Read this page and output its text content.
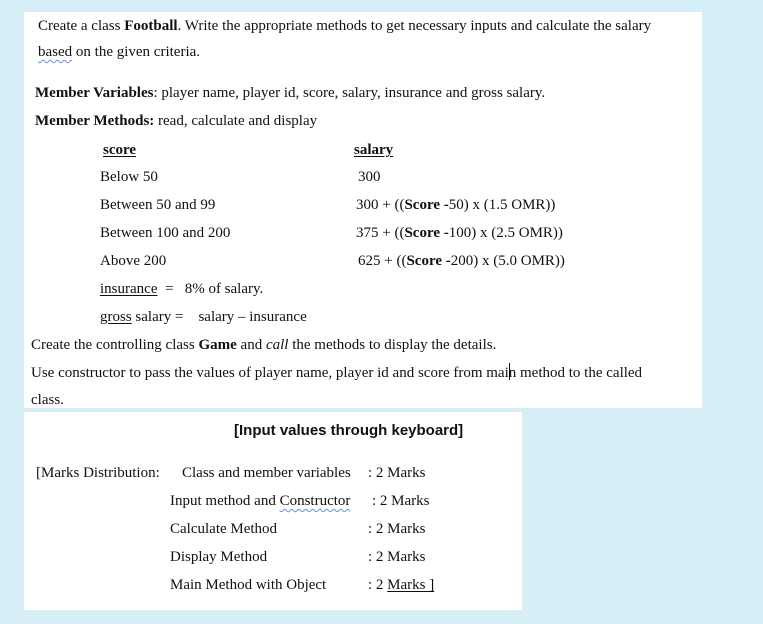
Create a class Football. Write the appropriate methods to get necessary inputs and calculate the salary
based on the given criteria.
Member Variables: player name, player id, score, salary, insurance and gross salary.
Member Methods: read, calculate and display
score	salary
Below 50	300
Between 50 and 99	300 + ((Score -50) x (1.5 OMR))
Between 100 and 200	375 + ((Score -100) x (2.5 OMR))
Above 200	625 + ((Score -200) x (5.0 OMR))
insurance  =   8% of salary.
gross salary =    salary – insurance
Create the controlling class Game and call the methods to display the details.
Use constructor to pass the values of player name, player id and score from main method to the called
class.
[Input values through keyboard]
[Marks Distribution: Class and member variables : 2 Marks
Input method and Constructor : 2 Marks
Calculate Method	: 2 Marks
Display Method	: 2 Marks
Main Method with Object	: 2 Marks ]
